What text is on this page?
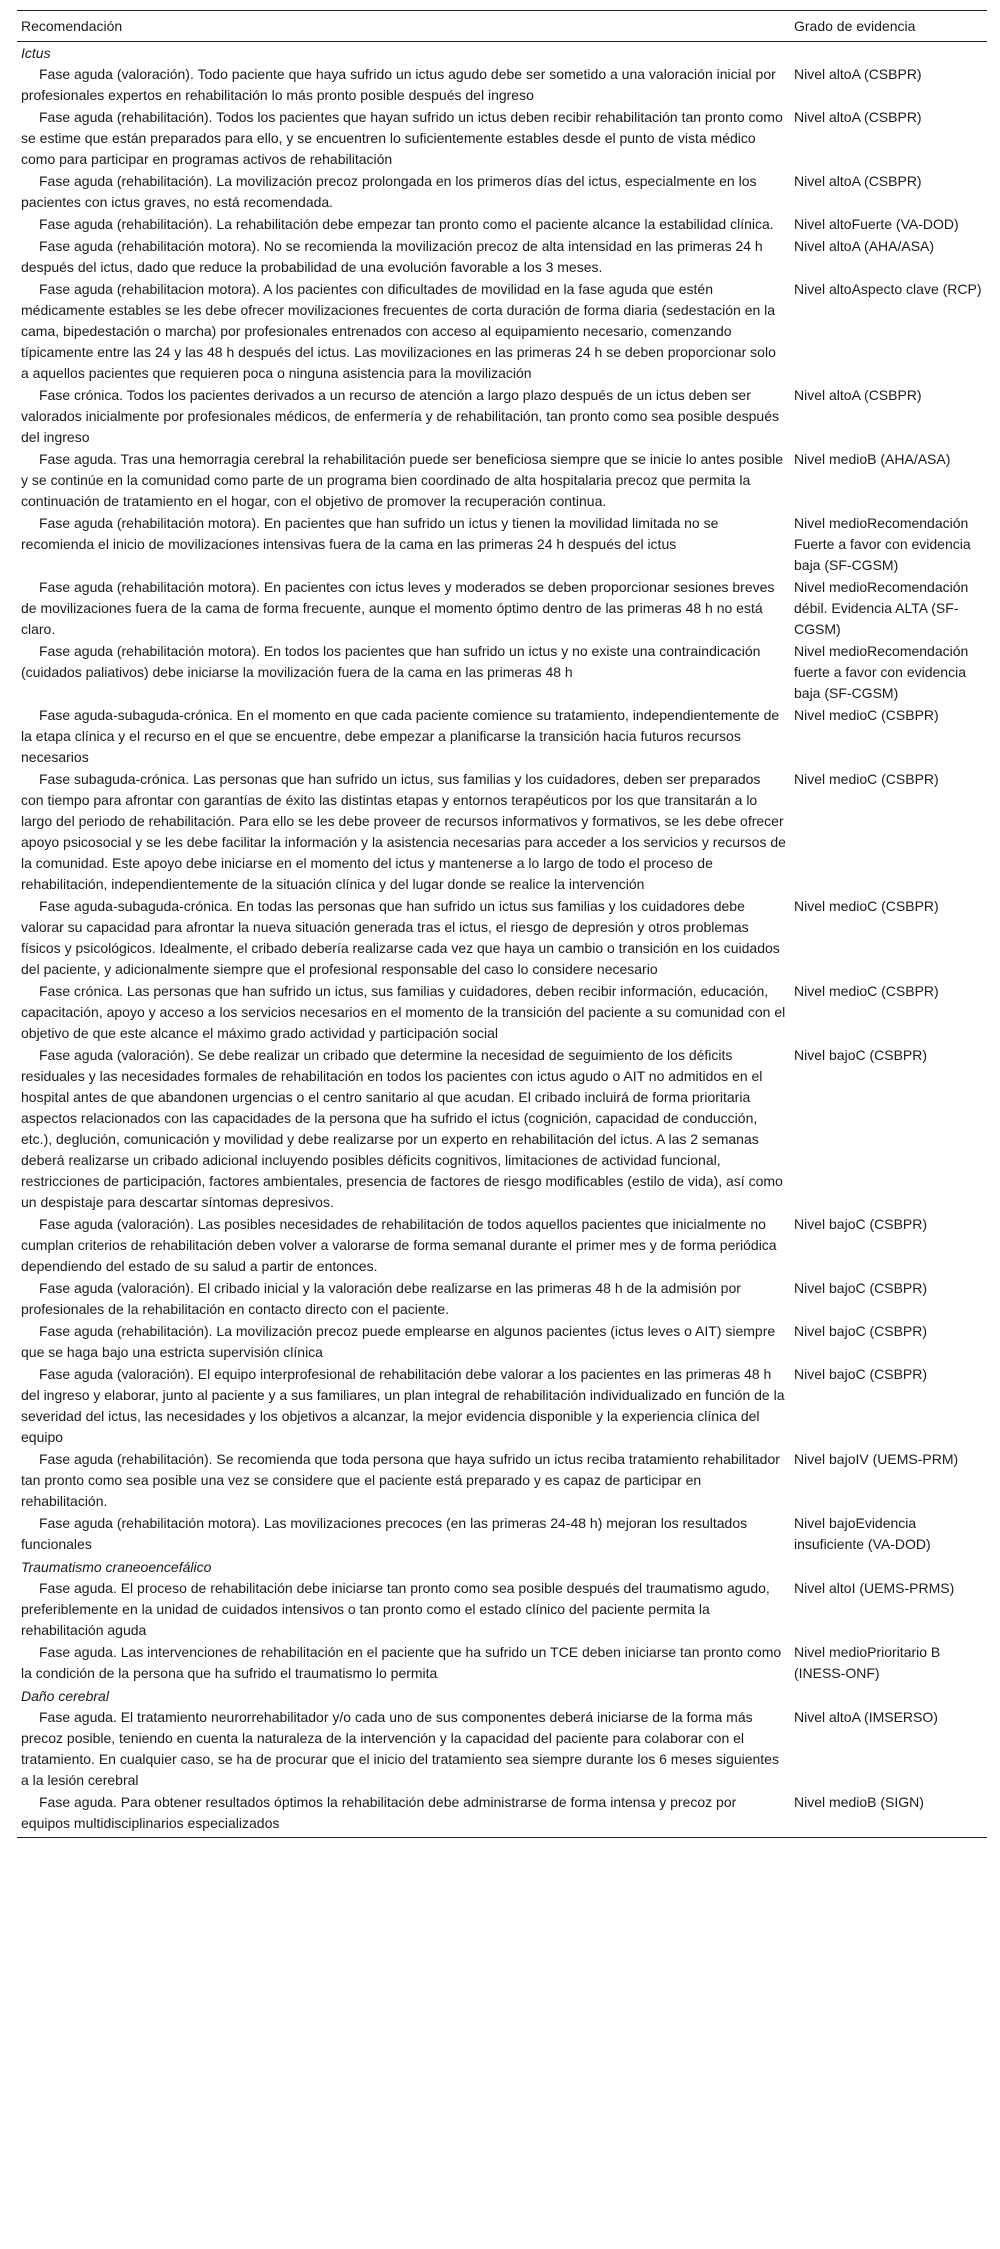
Recomendación	Grado de evidencia
Ictus	
Fase aguda (valoración). Todo paciente que haya sufrido un ictus agudo debe ser sometido a una valoración inicial por profesionales expertos en rehabilitación lo más pronto posible después del ingreso	Nivel altoA (CSBPR)
Fase aguda (rehabilitación). Todos los pacientes que hayan sufrido un ictus deben recibir rehabilitación tan pronto como se estime que están preparados para ello, y se encuentren lo suficientemente estables desde el punto de vista médico como para participar en programas activos de rehabilitación	Nivel altoA (CSBPR)
Fase aguda (rehabilitación). La movilización precoz prolongada en los primeros días del ictus, especialmente en los pacientes con ictus graves, no está recomendada.	Nivel altoA (CSBPR)
Fase aguda (rehabilitación). La rehabilitación debe empezar tan pronto como el paciente alcance la estabilidad clínica.	Nivel altoFuerte (VA-DOD)
Fase aguda (rehabilitación motora). No se recomienda la movilización precoz de alta intensidad en las primeras 24 h después del ictus, dado que reduce la probabilidad de una evolución favorable a los 3 meses.	Nivel altoA (AHA/ASA)
Fase aguda (rehabilitacion motora). A los pacientes con dificultades de movilidad en la fase aguda que estén médicamente estables se les debe ofrecer movilizaciones frecuentes de corta duración de forma diaria (sedestación en la cama, bipedestación o marcha) por profesionales entrenados con acceso al equipamiento necesario, comenzando típicamente entre las 24 y las 48 h después del ictus. Las movilizaciones en las primeras 24 h se deben proporcionar solo a aquellos pacientes que requieren poca o ninguna asistencia para la movilización	Nivel altoAspecto clave (RCP)
Fase crónica. Todos los pacientes derivados a un recurso de atención a largo plazo después de un ictus deben ser valorados inicialmente por profesionales médicos, de enfermería y de rehabilitación, tan pronto como sea posible después del ingreso	Nivel altoA (CSBPR)
Fase aguda. Tras una hemorragia cerebral la rehabilitación puede ser beneficiosa siempre que se inicie lo antes posible y se continúe en la comunidad como parte de un programa bien coordinado de alta hospitalaria precoz que permita la continuación de tratamiento en el hogar, con el objetivo de promover la recuperación continua.	Nivel medioB (AHA/ASA)
Fase aguda (rehabilitación motora). En pacientes que han sufrido un ictus y tienen la movilidad limitada no se recomienda el inicio de movilizaciones intensivas fuera de la cama en las primeras 24 h después del ictus	Nivel medioRecomendación Fuerte a favor con evidencia baja (SF-CGSM)
Fase aguda (rehabilitación motora). En pacientes con ictus leves y moderados se deben proporcionar sesiones breves de movilizaciones fuera de la cama de forma frecuente, aunque el momento óptimo dentro de las primeras 48 h no está claro.	Nivel medioRecomendación débil. Evidencia ALTA (SF-CGSM)
Fase aguda (rehabilitación motora). En todos los pacientes que han sufrido un ictus y no existe una contraindicación (cuidados paliativos) debe iniciarse la movilización fuera de la cama en las primeras 48 h	Nivel medioRecomendación fuerte a favor con evidencia baja (SF-CGSM)
Fase aguda-subaguda-crónica. En el momento en que cada paciente comience su tratamiento, independientemente de la etapa clínica y el recurso en el que se encuentre, debe empezar a planificarse la transición hacia futuros recursos necesarios	Nivel medioC (CSBPR)
Fase subaguda-crónica. Las personas que han sufrido un ictus, sus familias y los cuidadores, deben ser preparados con tiempo para afrontar con garantías de éxito las distintas etapas y entornos terapéuticos por los que transitarán a lo largo del periodo de rehabilitación. Para ello se les debe proveer de recursos informativos y formativos, se les debe ofrecer apoyo psicosocial y se les debe facilitar la información y la asistencia necesarias para acceder a los servicios y recursos de la comunidad. Este apoyo debe iniciarse en el momento del ictus y mantenerse a lo largo de todo el proceso de rehabilitación, independientemente de la situación clínica y del lugar donde se realice la intervención	Nivel medioC (CSBPR)
Fase aguda-subaguda-crónica. En todas las personas que han sufrido un ictus sus familias y los cuidadores debe valorar su capacidad para afrontar la nueva situación generada tras el ictus, el riesgo de depresión y otros problemas físicos y psicológicos. Idealmente, el cribado debería realizarse cada vez que haya un cambio o transición en los cuidados del paciente, y adicionalmente siempre que el profesional responsable del caso lo considere necesario	Nivel medioC (CSBPR)
Fase crónica. Las personas que han sufrido un ictus, sus familias y cuidadores, deben recibir información, educación, capacitación, apoyo y acceso a los servicios necesarios en el momento de la transición del paciente a su comunidad con el objetivo de que este alcance el máximo grado actividad y participación social	Nivel medioC (CSBPR)
Fase aguda (valoración). Se debe realizar un cribado que determine la necesidad de seguimiento de los déficits residuales y las necesidades formales de rehabilitación en todos los pacientes con ictus agudo o AIT no admitidos en el hospital antes de que abandonen urgencias o el centro sanitario al que acudan. El cribado incluirá de forma prioritaria aspectos relacionados con las capacidades de la persona que ha sufrido el ictus (cognición, capacidad de conducción, etc.), deglución, comunicación y movilidad y debe realizarse por un experto en rehabilitación del ictus. A las 2 semanas deberá realizarse un cribado adicional incluyendo posibles déficits cognitivos, limitaciones de actividad funcional, restricciones de participación, factores ambientales, presencia de factores de riesgo modificables (estilo de vida), así como un despistaje para descartar síntomas depresivos.	Nivel bajoC (CSBPR)
Fase aguda (valoración). Las posibles necesidades de rehabilitación de todos aquellos pacientes que inicialmente no cumplan criterios de rehabilitación deben volver a valorarse de forma semanal durante el primer mes y de forma periódica dependiendo del estado de su salud a partir de entonces.	Nivel bajoC (CSBPR)
Fase aguda (valoración). El cribado inicial y la valoración debe realizarse en las primeras 48 h de la admisión por profesionales de la rehabilitación en contacto directo con el paciente.	Nivel bajoC (CSBPR)
Fase aguda (rehabilitación). La movilización precoz puede emplearse en algunos pacientes (ictus leves o AIT) siempre que se haga bajo una estricta supervisión clínica	Nivel bajoC (CSBPR)
Fase aguda (valoración). El equipo interprofesional de rehabilitación debe valorar a los pacientes en las primeras 48 h del ingreso y elaborar, junto al paciente y a sus familiares, un plan integral de rehabilitación individualizado en función de la severidad del ictus, las necesidades y los objetivos a alcanzar, la mejor evidencia disponible y la experiencia clínica del equipo	Nivel bajoC (CSBPR)
Fase aguda (rehabilitación). Se recomienda que toda persona que haya sufrido un ictus reciba tratamiento rehabilitador tan pronto como sea posible una vez se considere que el paciente está preparado y es capaz de participar en rehabilitación.	Nivel bajoIV (UEMS-PRM)
Fase aguda (rehabilitación motora). Las movilizaciones precoces (en las primeras 24-48 h) mejoran los resultados funcionales	Nivel bajoEvidencia insuficiente (VA-DOD)
Traumatismo craneoencefálico	
Fase aguda. El proceso de rehabilitación debe iniciarse tan pronto como sea posible después del traumatismo agudo, preferiblemente en la unidad de cuidados intensivos o tan pronto como el estado clínico del paciente permita la rehabilitación aguda	Nivel altoI (UEMS-PRMS)
Fase aguda. Las intervenciones de rehabilitación en el paciente que ha sufrido un TCE deben iniciarse tan pronto como la condición de la persona que ha sufrido el traumatismo lo permita	Nivel medioPrioritario B (INESS-ONF)
Daño cerebral	
Fase aguda. El tratamiento neurorrehabilitador y/o cada uno de sus componentes deberá iniciarse de la forma más precoz posible, teniendo en cuenta la naturaleza de la intervención y la capacidad del paciente para colaborar con el tratamiento. En cualquier caso, se ha de procurar que el inicio del tratamiento sea siempre durante los 6 meses siguientes a la lesión cerebral	Nivel altoA (IMSERSO)
Fase aguda. Para obtener resultados óptimos la rehabilitación debe administrarse de forma intensa y precoz por equipos multidisciplinarios especializados	Nivel medioB (SIGN)
